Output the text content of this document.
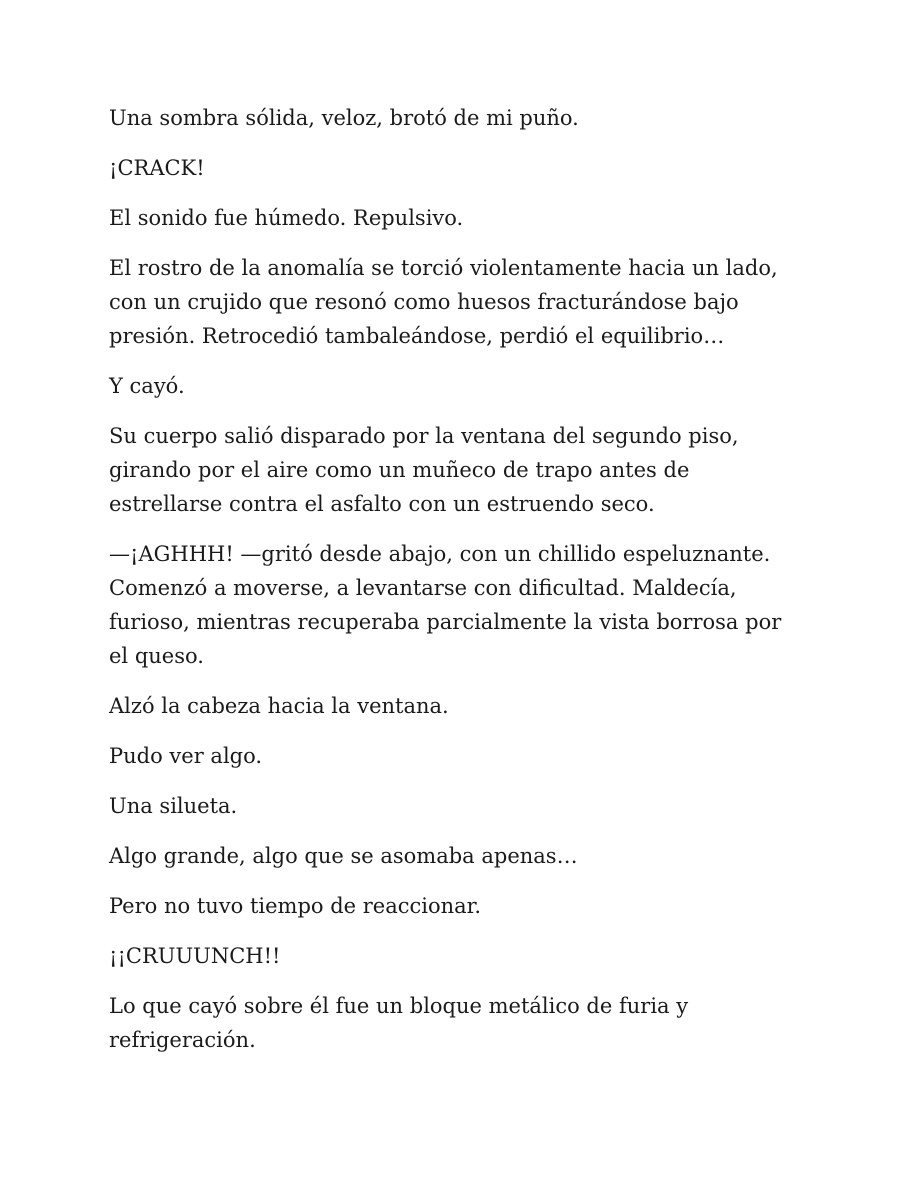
Una sombra sólida, veloz, brotó de mi puño.

¡CRACK!

El sonido fue húmedo. Repulsivo.

El rostro de la anomalía se torció violentamente hacia un lado, con un crujido que resonó como huesos fracturándose bajo presión. Retrocedió tambaleándose, perdió el equilibrio…

Y cayó.

Su cuerpo salió disparado por la ventana del segundo piso, girando por el aire como un muñeco de trapo antes de estrellarse contra el asfalto con un estruendo seco.

—¡AGHHH! —gritó desde abajo, con un chillido espeluznante. Comenzó a moverse, a levantarse con dificultad. Maldecía, furioso, mientras recuperaba parcialmente la vista borrosa por el queso.

Alzó la cabeza hacia la ventana.

Pudo ver algo.

Una silueta.

Algo grande, algo que se asomaba apenas…

Pero no tuvo tiempo de reaccionar.

¡¡CRUUUNCH!!

Lo que cayó sobre él fue un bloque metálico de furia y refrigeración.
